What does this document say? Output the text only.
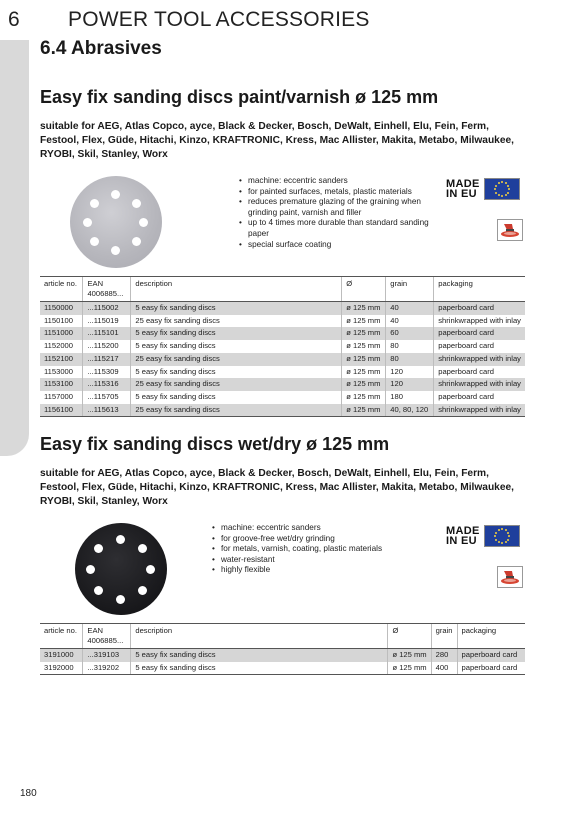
6 POWER TOOL ACCESSORIES
6.4 Abrasives
Easy fix sanding discs paint/varnish ø 125 mm
suitable for AEG, Atlas Copco, ayce, Black & Decker, Bosch, DeWalt, Einhell, Elu, Fein, Ferm, Festool, Flex, Güde, Hitachi, Kinzo, KRAFTRONIC, Kress, Mac Allister, Makita, Metabo, Milwaukee, RYOBI, Skil, Stanley, Worx
• machine: eccentric sanders
• for painted surfaces, metals, plastic materials
• reduces premature glazing of the graining when grinding paint, varnish and filler
• up to 4 times more durable than standard sanding paper
• special surface coating
MADE
IN EU
article no.	EAN 4006885...	description	Ø	grain	packaging
1150000	...115002	5 easy fix sanding discs	ø 125 mm	40	paperboard card
1150100	...115019	25 easy fix sanding discs	ø 125 mm	40	shrinkwrapped with inlay
1151000	...115101	5 easy fix sanding discs	ø 125 mm	60	paperboard card
1152000	...115200	5 easy fix sanding discs	ø 125 mm	80	paperboard card
1152100	...115217	25 easy fix sanding discs	ø 125 mm	80	shrinkwrapped with inlay
1153000	...115309	5 easy fix sanding discs	ø 125 mm	120	paperboard card
1153100	...115316	25 easy fix sanding discs	ø 125 mm	120	shrinkwrapped with inlay
1157000	...115705	5 easy fix sanding discs	ø 125 mm	180	paperboard card
1156100	...115613	25 easy fix sanding discs	ø 125 mm	40, 80, 120	shrinkwrapped with inlay
Easy fix sanding discs wet/dry ø 125 mm
suitable for AEG, Atlas Copco, ayce, Black & Decker, Bosch, DeWalt, Einhell, Elu, Fein, Ferm, Festool, Flex, Güde, Hitachi, Kinzo, KRAFTRONIC, Kress, Mac Allister, Makita, Metabo, Milwaukee, RYOBI, Skil, Stanley, Worx
• machine: eccentric sanders
• for groove-free wet/dry grinding
• for metals, varnish, coating, plastic materials
• water-resistant
• highly flexible
MADE
IN EU
article no.	EAN 4006885...	description	Ø	grain	packaging
3191000	...319103	5 easy fix sanding discs	ø 125 mm	280	paperboard card
3192000	...319202	5 easy fix sanding discs	ø 125 mm	400	paperboard card
180
